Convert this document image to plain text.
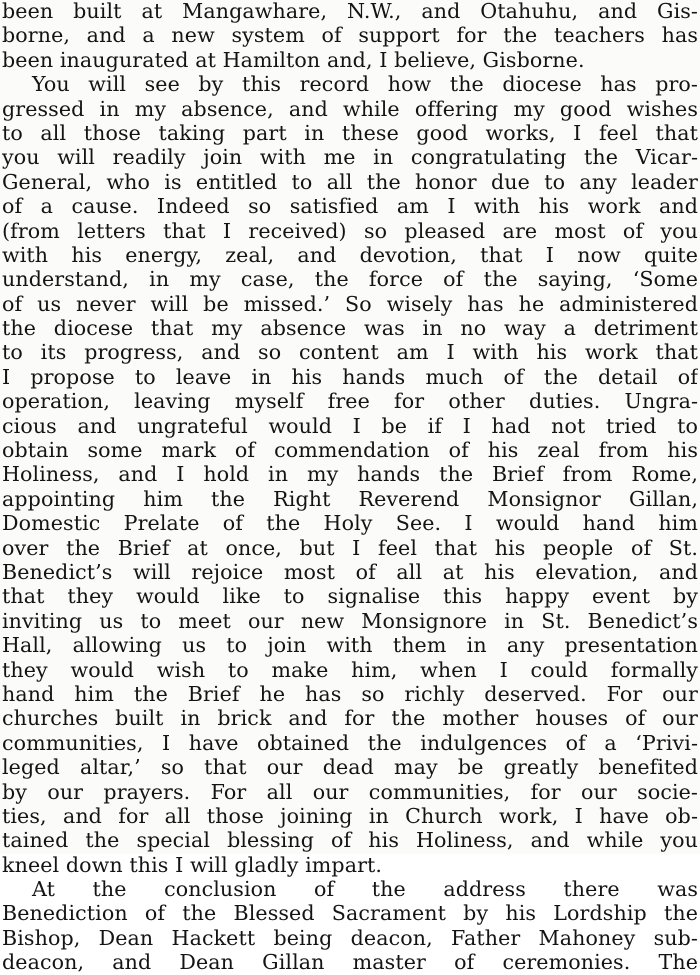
been built at Mangawhare, N.W., and Otahuhu, and Gis-
borne, and a new system of support for the teachers has
been inaugurated at Hamilton and, I believe, Gisborne.
You will see by this record how the diocese has pro-
gressed in my absence, and while offering my good wishes
to all those taking part in these good works, I feel that
you will readily join with me in congratulating the Vicar-
General, who is entitled to all the honor due to any leader
of a cause. Indeed so satisfied am I with his work and
(from letters that I received) so pleased are most of you
with his energy, zeal, and devotion, that I now quite
understand, in my case, the force of the saying, ‘Some
of us never will be missed.’ So wisely has he administered
the diocese that my absence was in no way a detriment
to its progress, and so content am I with his work that
I propose to leave in his hands much of the detail of
operation, leaving myself free for other duties. Ungra-
cious and ungrateful would I be if I had not tried to
obtain some mark of commendation of his zeal from his
Holiness, and I hold in my hands the Brief from Rome,
appointing him the Right Reverend Monsignor Gillan,
Domestic Prelate of the Holy See. I would hand him
over the Brief at once, but I feel that his people of St.
Benedict’s will rejoice most of all at his elevation, and
that they would like to signalise this happy event by
inviting us to meet our new Monsignore in St. Benedict’s
Hall, allowing us to join with them in any presentation
they would wish to make him, when I could formally
hand him the Brief he has so richly deserved. For our
churches built in brick and for the mother houses of our
communities, I have obtained the indulgences of a ‘Privi-
leged altar,’ so that our dead may be greatly benefited
by our prayers. For all our communities, for our socie-
ties, and for all those joining in Church work, I have ob-
tained the special blessing of his Holiness, and while you
kneel down this I will gladly impart.
At the conclusion of the address there was
Benediction of the Blessed Sacrament by his Lordship the
Bishop, Dean Hackett being deacon, Father Mahoney sub-
deacon, and Dean Gillan master of ceremonies. The
